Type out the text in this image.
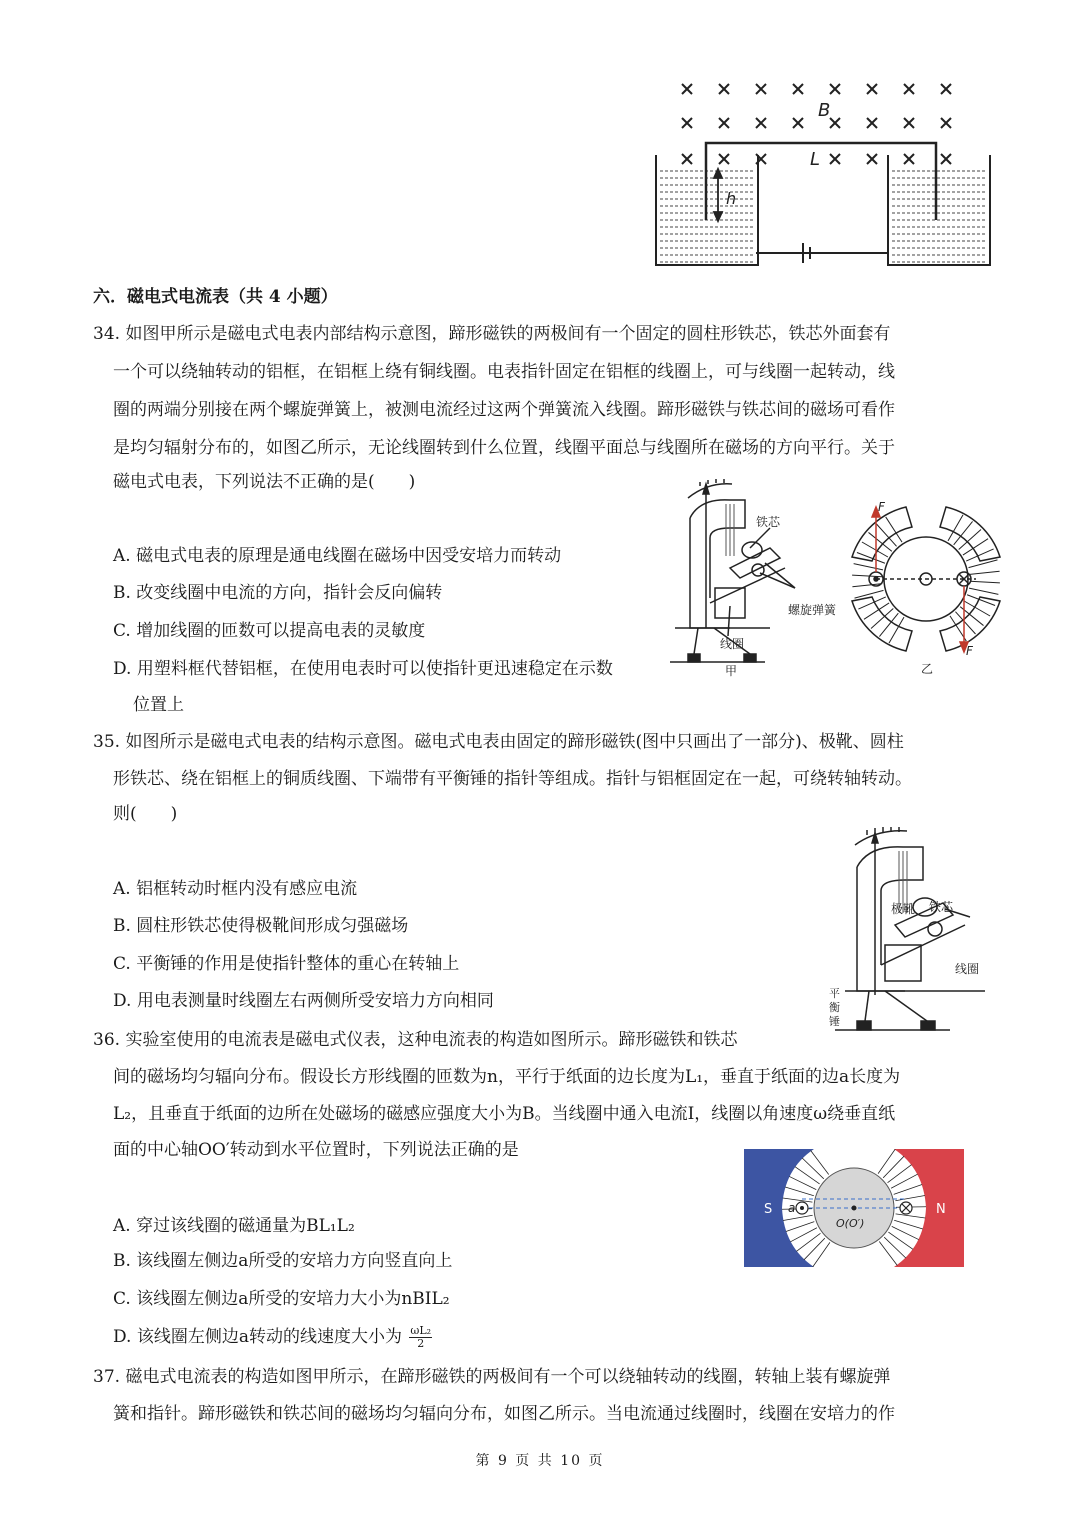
h
B
L
六．磁电式电流表（共 4 小题）
34. 如图甲所示是磁电式电表内部结构示意图，蹄形磁铁的两极间有一个固定的圆柱形铁芯，铁芯外面套有
一个可以绕轴转动的铝框，在铝框上绕有铜线圈。电表指针固定在铝框的线圈上，可与线圈一起转动，线
圈的两端分别接在两个螺旋弹簧上，被测电流经过这两个弹簧流入线圈。蹄形磁铁与铁芯间的磁场可看作
是均匀辐射分布的，如图乙所示，无论线圈转到什么位置，线圈平面总与线圈所在磁场的方向平行。关于
磁电式电表，下列说法不正确的是(　　)
A. 磁电式电表的原理是通电线圈在磁场中因受安培力而转动
B. 改变线圈中电流的方向，指针会反向偏转
C. 增加线圈的匝数可以提高电表的灵敏度
D. 用塑料框代替铝框，在使用电表时可以使指针更迅速稳定在示数
位置上
铁芯
螺旋弹簧
线圈
甲
F
F
乙
35. 如图所示是磁电式电表的结构示意图。磁电式电表由固定的蹄形磁铁(图中只画出了一部分)、极靴、圆柱
形铁芯、绕在铝框上的铜质线圈、下端带有平衡锤的指针等组成。指针与铝框固定在一起，可绕转轴转动。
则(　　)
A. 铝框转动时框内没有感应电流
B. 圆柱形铁芯使得极靴间形成匀强磁场
C. 平衡锤的作用是使指针整体的重心在转轴上
D. 用电表测量时线圈左右两侧所受安培力方向相同
极靴 铁芯
线圈
平
衡
锤
36. 实验室使用的电流表是磁电式仪表，这种电流表的构造如图所示。蹄形磁铁和铁芯
间的磁场均匀辐向分布。假设长方形线圈的匝数为n，平行于纸面的边长度为L₁，垂直于纸面的边a长度为
L₂，且垂直于纸面的边所在处磁场的磁感应强度大小为B。当线圈中通入电流I，线圈以角速度ω绕垂直纸
面的中心轴OO′转动到水平位置时，下列说法正确的是
A. 穿过该线圈的磁通量为BL₁L₂
B. 该线圈左侧边a所受的安培力方向竖直向上
C. 该线圈左侧边a所受的安培力大小为nBIL₂
D. 该线圈左侧边a转动的线速度大小为 $\frac{\text{ωL₂}}{2}$
S	N
a
O(O′)
37. 磁电式电流表的构造如图甲所示，在蹄形磁铁的两极间有一个可以绕轴转动的线圈，转轴上装有螺旋弹
簧和指针。蹄形磁铁和铁芯间的磁场均匀辐向分布，如图乙所示。当电流通过线圈时，线圈在安培力的作
第 9 页 共 10 页
